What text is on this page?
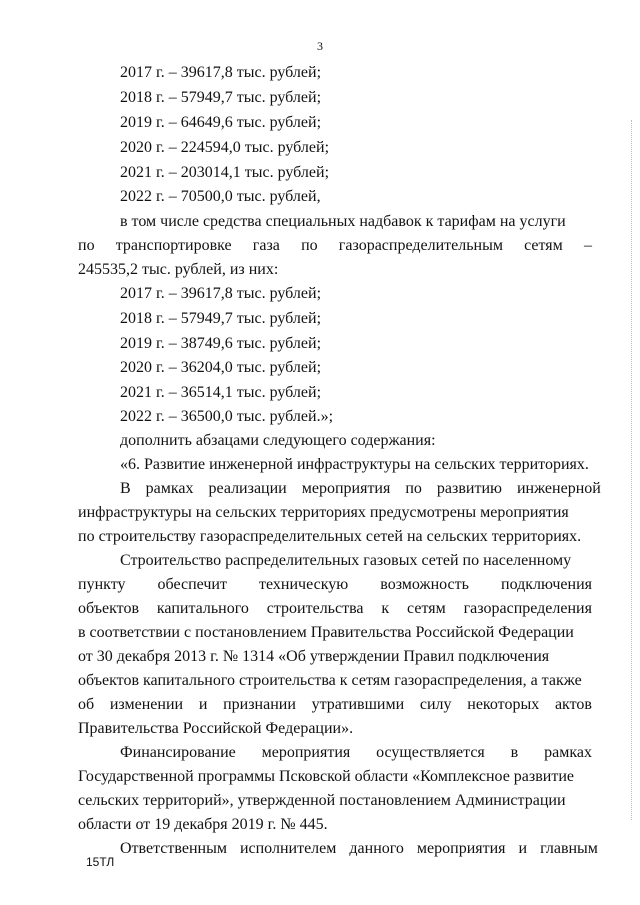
3
2017 г. – 39617,8 тыс. рублей;
2018 г. – 57949,7 тыс. рублей;
2019 г. – 64649,6 тыс. рублей;
2020 г. – 224594,0 тыс. рублей;
2021 г. – 203014,1 тыс. рублей;
2022 г. – 70500,0 тыс. рублей,
в том числе средства специальных надбавок к тарифам на услуги
по транспортировке газа по газораспределительным сетям –
245535,2 тыс. рублей, из них:
2017 г. – 39617,8 тыс. рублей;
2018 г. – 57949,7 тыс. рублей;
2019 г. – 38749,6 тыс. рублей;
2020 г. – 36204,0 тыс. рублей;
2021 г. – 36514,1 тыс. рублей;
2022 г. – 36500,0 тыс. рублей.»;
дополнить абзацами следующего содержания:
«6. Развитие инженерной инфраструктуры на сельских территориях.
В рамках реализации мероприятия по развитию инженерной
инфраструктуры на сельских территориях предусмотрены мероприятия
по строительству газораспределительных сетей на сельских территориях.
Строительство распределительных газовых сетей по населенному
пункту обеспечит техническую возможность подключения
объектов капитального строительства к сетям газораспределения
в соответствии с постановлением Правительства Российской Федерации
от 30 декабря 2013 г. № 1314 «Об утверждении Правил подключения
объектов капитального строительства к сетям газораспределения, а также
об изменении и признании утратившими силу некоторых актов
Правительства Российской Федерации».
Финансирование мероприятия осуществляется в рамках
Государственной программы Псковской области «Комплексное развитие
сельских территорий», утвержденной постановлением Администрации
области от 19 декабря 2019 г. № 445.
Ответственным исполнителем данного мероприятия и главным
15ТЛ
